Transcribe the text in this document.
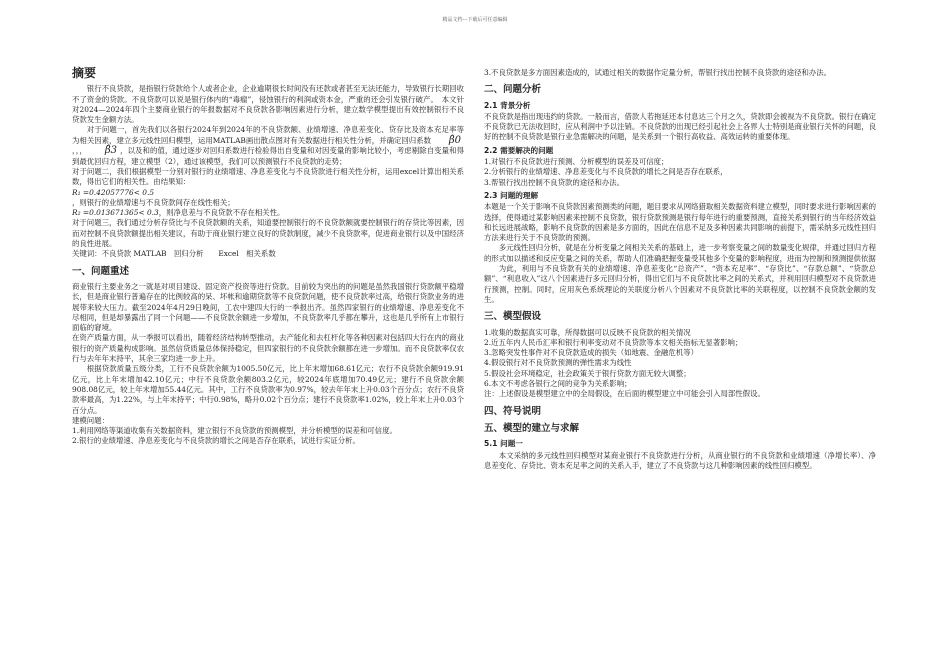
精品文档---下载后可任意编辑
摘要

银行不良贷款，是指银行贷款给个人或者企业，企业逾期很长时间没有还款或者甚至无法还能力，导致银行长期回收不了资金的贷款。不良贷款可以说是银行体内的“毒瘤”，侵蚀银行的利润或资本金，严重的还会引发银行破产。　本文针对2024—2024年四个主要商业银行的年报数据对不良贷款各影响因素进行分析，建立数学模型提出有效控制银行不良贷款发生金额方法。

对于问题一，首先我们以各银行2024年到2024年的不良贷款额、业绩增速、净息差变化、贷存比及资本充足率等为相关因素，建立多元线性回归模型，运用MATLAB画出散点图对有关数据进行相关性分析，并确定回归系数 β̂0，，， β̂3 ，以及和的值，通过逐步对回归系数进行检验得出自变量和对因变量的影响比较小，考虑剔除自变量和得到最优回归方程，建立模型（2），通过该模型，我们可以预测银行不良贷款的走势；

对于问题二，我们根据模型一分别对银行的业绩增速、净息差变化与不良贷款进行相关性分析，运用excel计算出相关系数，得出它们的相关性。由结果知：

R₁ =0.42057776< 0.5

，则银行的业绩增速与不良贷款间存在线性相关；

R₂ =0.013671365< 0.3，则净息差与不良贷款不存在相关性。

对于问题三，我们通过分析存贷比与不良贷款额的关系，知道要控制银行的不良贷款额就要控制银行的存贷比等因素，因而对控制不良贷款额提出相关建议，有助于商业银行建立良好的贷款制度，减少不良贷款率，促进商业银行以及中国经济的良性进展。

关键词：不良贷款 MATLAB　回归分析　　Excel　相关系数

一、问题重述

商业银行主要业务之一就是对项目建设、固定资产投资等进行贷款。目前较为突出的的问题是虽然我国银行贷款额平稳增长，但是商业银行普遍存在的比例较高的呆、坏帐和逾期贷款等不良贷款问题，使不良贷款率过高，给银行贷款业务的进展带来较大压力。截至2024年4月29日晚间，工农中建四大行的一季报出齐。虽然四家银行的业绩增速、净息差变化不尽相同，但是却暴露出了同一个问题——不良贷款余额进一步增加，不良贷款率几乎都在攀升，这也是几乎所有上市银行面临的窘境。

在资产质量方面，从一季报可以看出，随着经济结构转型推动，去产能化和去杠杆化等各种因素对包括四大行在内的商业银行的资产质量构成影响。虽然信贷质量总体保持稳定，但四家银行的不良贷款余额都在进一步增加。而不良贷款率仅农行与去年年末持平，其余三家均进一步上升。

根据贷款质量五级分类，工行不良贷款余额为1005.50亿元，比上年末增加68.61亿元；农行不良贷款余额919.91亿元，比上年末增加42.10亿元；中行不良贷款余额803.2亿元，较2024年底增加70.49亿元；建行不良贷款余额908.08亿元，较上年末增加55.44亿元。其中，工行不良贷款率为0.97%，较去年年末上升0.03个百分点；农行不良贷款率最高，为1.22%，与上年末持平；中行0.98%，略升0.02个百分点；建行不良贷款率1.02%，较上年末上升0.03个百分点。

建模问题：

1.利用网络等渠道收集有关数据资料，建立银行不良贷款的预测模型，并分析模型的误差和可信度。

2.银行的业绩增速、净息差变化与不良贷款的增长之间是否存在联系，试进行实证分析。

3.不良贷款是多方面因素造成的，试通过相关的数据作定量分析，帮银行找出控制不良贷款的途径和办法。

二、问题分析
2.1 背景分析

不良贷款是指出现违约的贷款。一般而言，借款人若拖延还本付息达三个月之久，贷款即会被视为不良贷款。银行在确定不良贷款已无法收回时，应从利润中予以注销。不良贷款的出现已经引起社会上各界人士特别是商业银行关怀的问题，良好的控制不良贷款是银行业急需解决的问题，是关系到一个银行高收益、高效运转的重要体现。

2.2 需要解决的问题

1.对银行不良贷款进行预测、分析模型的误差及可信度；

2.分析银行的业绩增速、净息差变化与不良贷款的增长之间是否存在联系，

3.帮银行找出控制不良贷款的途径和办法。

2.3 问题的理解

本题是一个关于影响不良贷款因素预测类的问题，题目要求从网络猎取相关数据资料建立模型，同时要求进行影响因素的选择，使得通过某影响因素来控制不良贷款，银行贷款预测是银行每年进行的重要预测，直接关系到银行的当年经济效益和长远进展战略，影响不良贷款的因素是多方面的，因此在信息不足及多种因素共同影响的前提下，需采纳多元线性回归方法来进行关于不良贷款的预测。

多元线性回归分析，就是在分析变量之间相关关系的基础上，进一步考察变量之间的数量变化规律，并通过回归方程的形式加以描述和反应变量之间的关系，帮助人们准确把握变量受其他多个变量的影响程度，进而为控制和预测提供依据

为此，利用与不良贷款有关的业绩增速、净息差变化“总资产”、“资本充足率”、“存贷比”、“存款总额”、“贷款总额”、“利息收入”这八个因素进行多元回归分析，得出它们与不良贷款比率之间的关系式，并利用回归模型对不良贷款进行预测，控制。同时，应用灰色系统理论的关联度分析八个因素对不良贷款比率的关联程度，以控制不良贷款金额的发生。

三、模型假设

1.收集的数据真实可靠，所得数据可以反映不良贷款的相关情况

2.近五年内人民币汇率和银行利率变动对不良贷款等本文相关指标无显著影响；

3.忽略突发性事件对不良贷款造成的损失（如地震、金融危机等）

4.假设银行对不良贷款预测的弹性需求为线性

5.假设社会环境稳定，社会政策关于银行贷款方面无较大调整；

6.本文不考虑各银行之间的竞争为关系影响；

注：上述假设是模型建立中的全局假设，在后面的模型建立中可能会引入局部性假设。

四、符号说明
五、模型的建立与求解
5.1 问题一

本文采纳的多元线性回归模型对某商业银行不良贷款进行分析，从商业银行的不良贷款和业绩增速（净增长率）、净息差变化、存贷比、资本充足率之间的关系入手，建立了不良贷款与这几种影响因素的线性回归模型。
